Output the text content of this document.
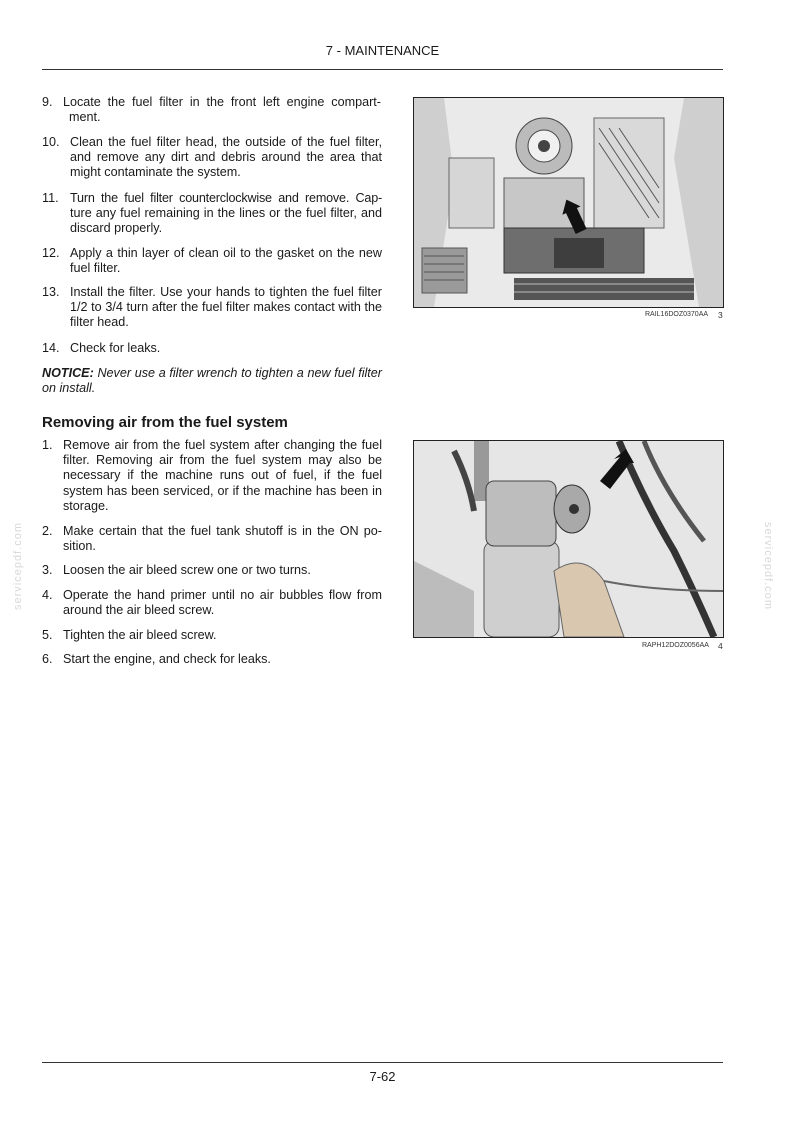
7 - MAINTENANCE
9. Locate the fuel filter in the front left engine compart-
ment.
10. Clean the fuel filter head, the outside of the fuel filter, and remove any dirt and debris around the area that might contaminate the system.
11. Turn the fuel filter counterclockwise and remove. Cap-
ture any fuel remaining in the lines or the fuel filter, and discard properly.
12. Apply a thin layer of clean oil to the gasket on the new fuel filter.
13. Install the filter. Use your hands to tighten the fuel filter 1/2 to 3/4 turn after the fuel filter makes contact with the filter head.
14. Check for leaks.
NOTICE: Never use a filter wrench to tighten a new fuel filter on install.
RAIL16DOZ0370AA 3
Removing air from the fuel system
1. Remove air from the fuel system after changing the fuel filter. Removing air from the fuel system may also be necessary if the machine runs out of fuel, if the fuel system has been serviced, or if the machine has been in storage.
2. Make certain that the fuel tank shutoff is in the ON po-
sition.
3. Loosen the air bleed screw one or two turns.
4. Operate the hand primer until no air bubbles flow from around the air bleed screw.
5. Tighten the air bleed screw.
6. Start the engine, and check for leaks.
RAPH12DOZ0056AA 4
servicepdf.com	servicepdf.com
7-62
